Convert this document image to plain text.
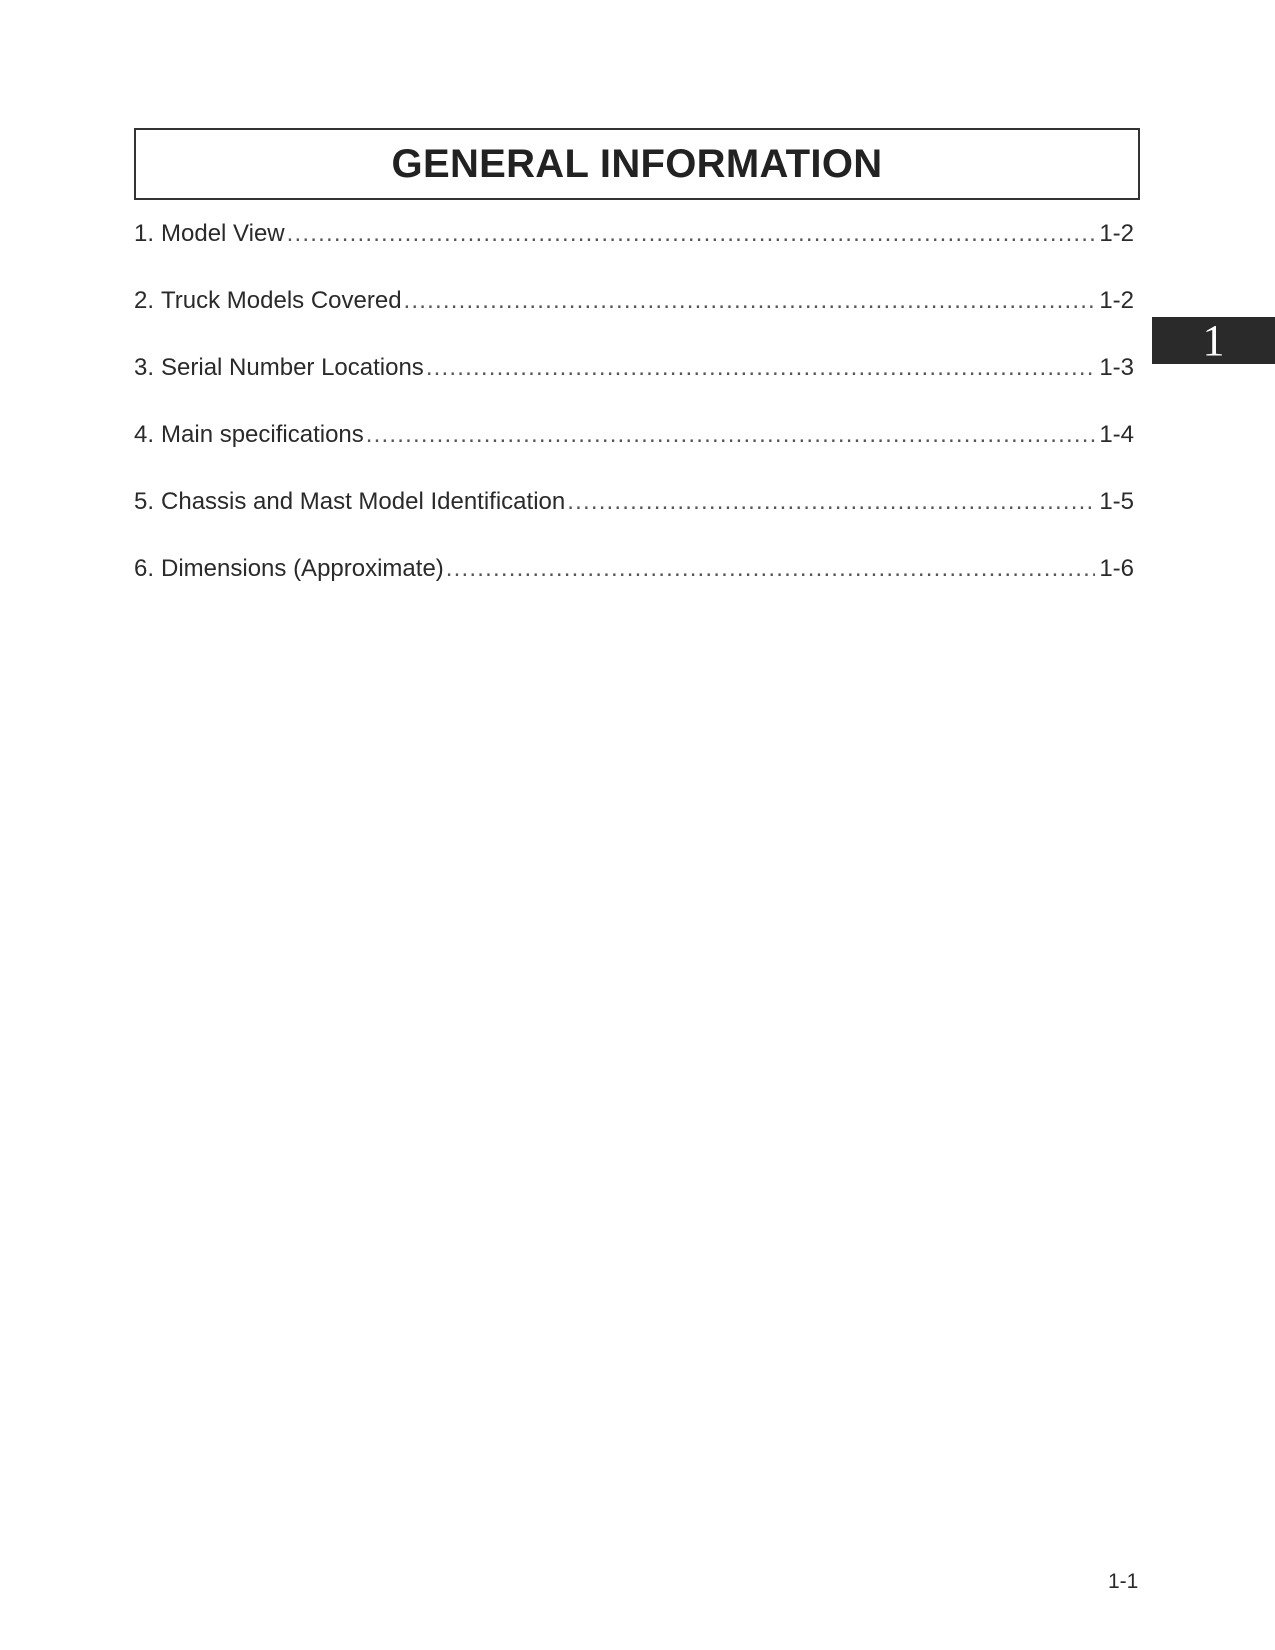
GENERAL INFORMATION
1. Model View .....	1-2
2. Truck Models Covered .....	1-2
3. Serial Number Locations .....	1-3
4. Main specifications .....	1-4
5. Chassis and Mast Model Identification .....	1-5
6. Dimensions (Approximate) .....	1-6
1
1-1
